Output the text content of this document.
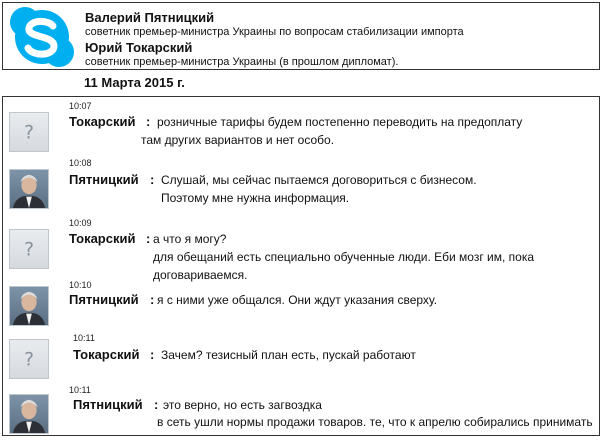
Валерий Пятницкий
советник премьер-министра Украины по вопросам стабилизации импорта
Юрий Токарский
советник премьер-министра Украины (в прошлом дипломат).
11 Марта 2015 г.
10:07
?
Токарский : розничные тарифы будем постепенно переводить на предоплату
там других вариантов и нет особо.
10:08
Пятницкий : Слушай, мы сейчас пытаемся договориться с бизнесом.
Поэтому мне нужна информация.
10:09
?
Токарский : а что я могу?
для обещаний есть специально обученные люди. Еби мозг им, пока
договариваемся.
10:10
Пятницкий : я с ними уже общался. Они ждут указания сверху.
10:11
?	Токарский : Зачем? тезисный план есть, пускай работают
10:11
Пятницкий : это верно, но есть загвоздка
в сеть ушли нормы продажи товаров. те, что к апрелю собирались принимать
